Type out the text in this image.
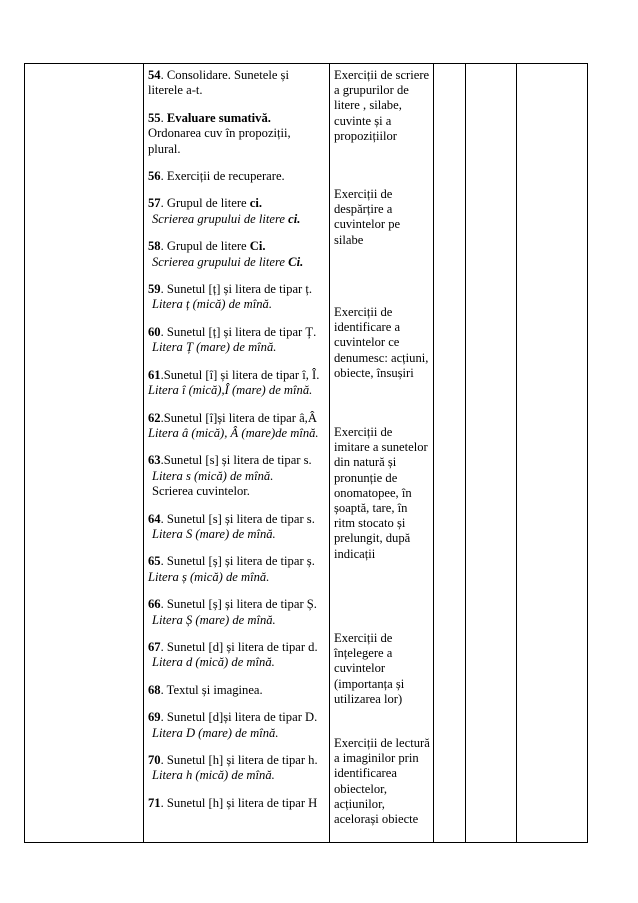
54. Consolidare. Sunetele și literele a-t.

55. Evaluare sumativă.

Ordonarea cuv în propoziții, plural.

56. Exerciții de recuperare.

57. Grupul de litere ci.

Scrierea grupului de litere ci.

58. Grupul de litere Ci.

Scrierea grupului de litere Ci.

59. Sunetul [ț] și litera de tipar ț.

Litera ț (mică) de mînă.

60. Sunetul [ț] și litera de tipar Ț.

Litera Ț (mare) de mînă.

61.Sunetul [î] și litera de tipar î, Î.

Litera î (mică),Î (mare) de mînă.

62.Sunetul [î]și litera de tipar â,Â

Litera â (mică), Â (mare)de mînă.

63.Sunetul [s] și litera de tipar s.

Litera s (mică) de mînă.
Scrierea cuvintelor.

64. Sunetul [s] și litera de tipar s.

Litera S (mare) de mînă.

65. Sunetul [ș] și litera de tipar ș.

Litera ș (mică) de mînă.

66. Sunetul [ș] și litera de tipar Ș.

Litera Ș (mare) de mînă.

67. Sunetul [d] și litera de tipar d.

Litera d (mică) de mînă.

68. Textul și imaginea.

69. Sunetul [d]și litera de tipar D.

Litera D (mare) de mînă.

70. Sunetul [h] și litera de tipar h.

Litera h (mică) de mînă.

71. Sunetul [h] și litera de tipar H

Exerciții de scriere a grupurilor de litere , silabe, cuvinte și a propozițiilor
Exerciții de despărțire a cuvintelor pe silabe
Exerciții de identificare a cuvintelor ce denumesc: acțiuni, obiecte, însușiri
Exerciții de imitare a sunetelor din natură și pronunție de onomatopee, în șoaptă, tare, în ritm stocato și prelungit, după indicații
Exerciții de înțelegere a cuvintelor (importanța și utilizarea lor)
Exerciții de lectură a imaginilor prin identificarea obiectelor, acțiunilor, acelorași obiecte
